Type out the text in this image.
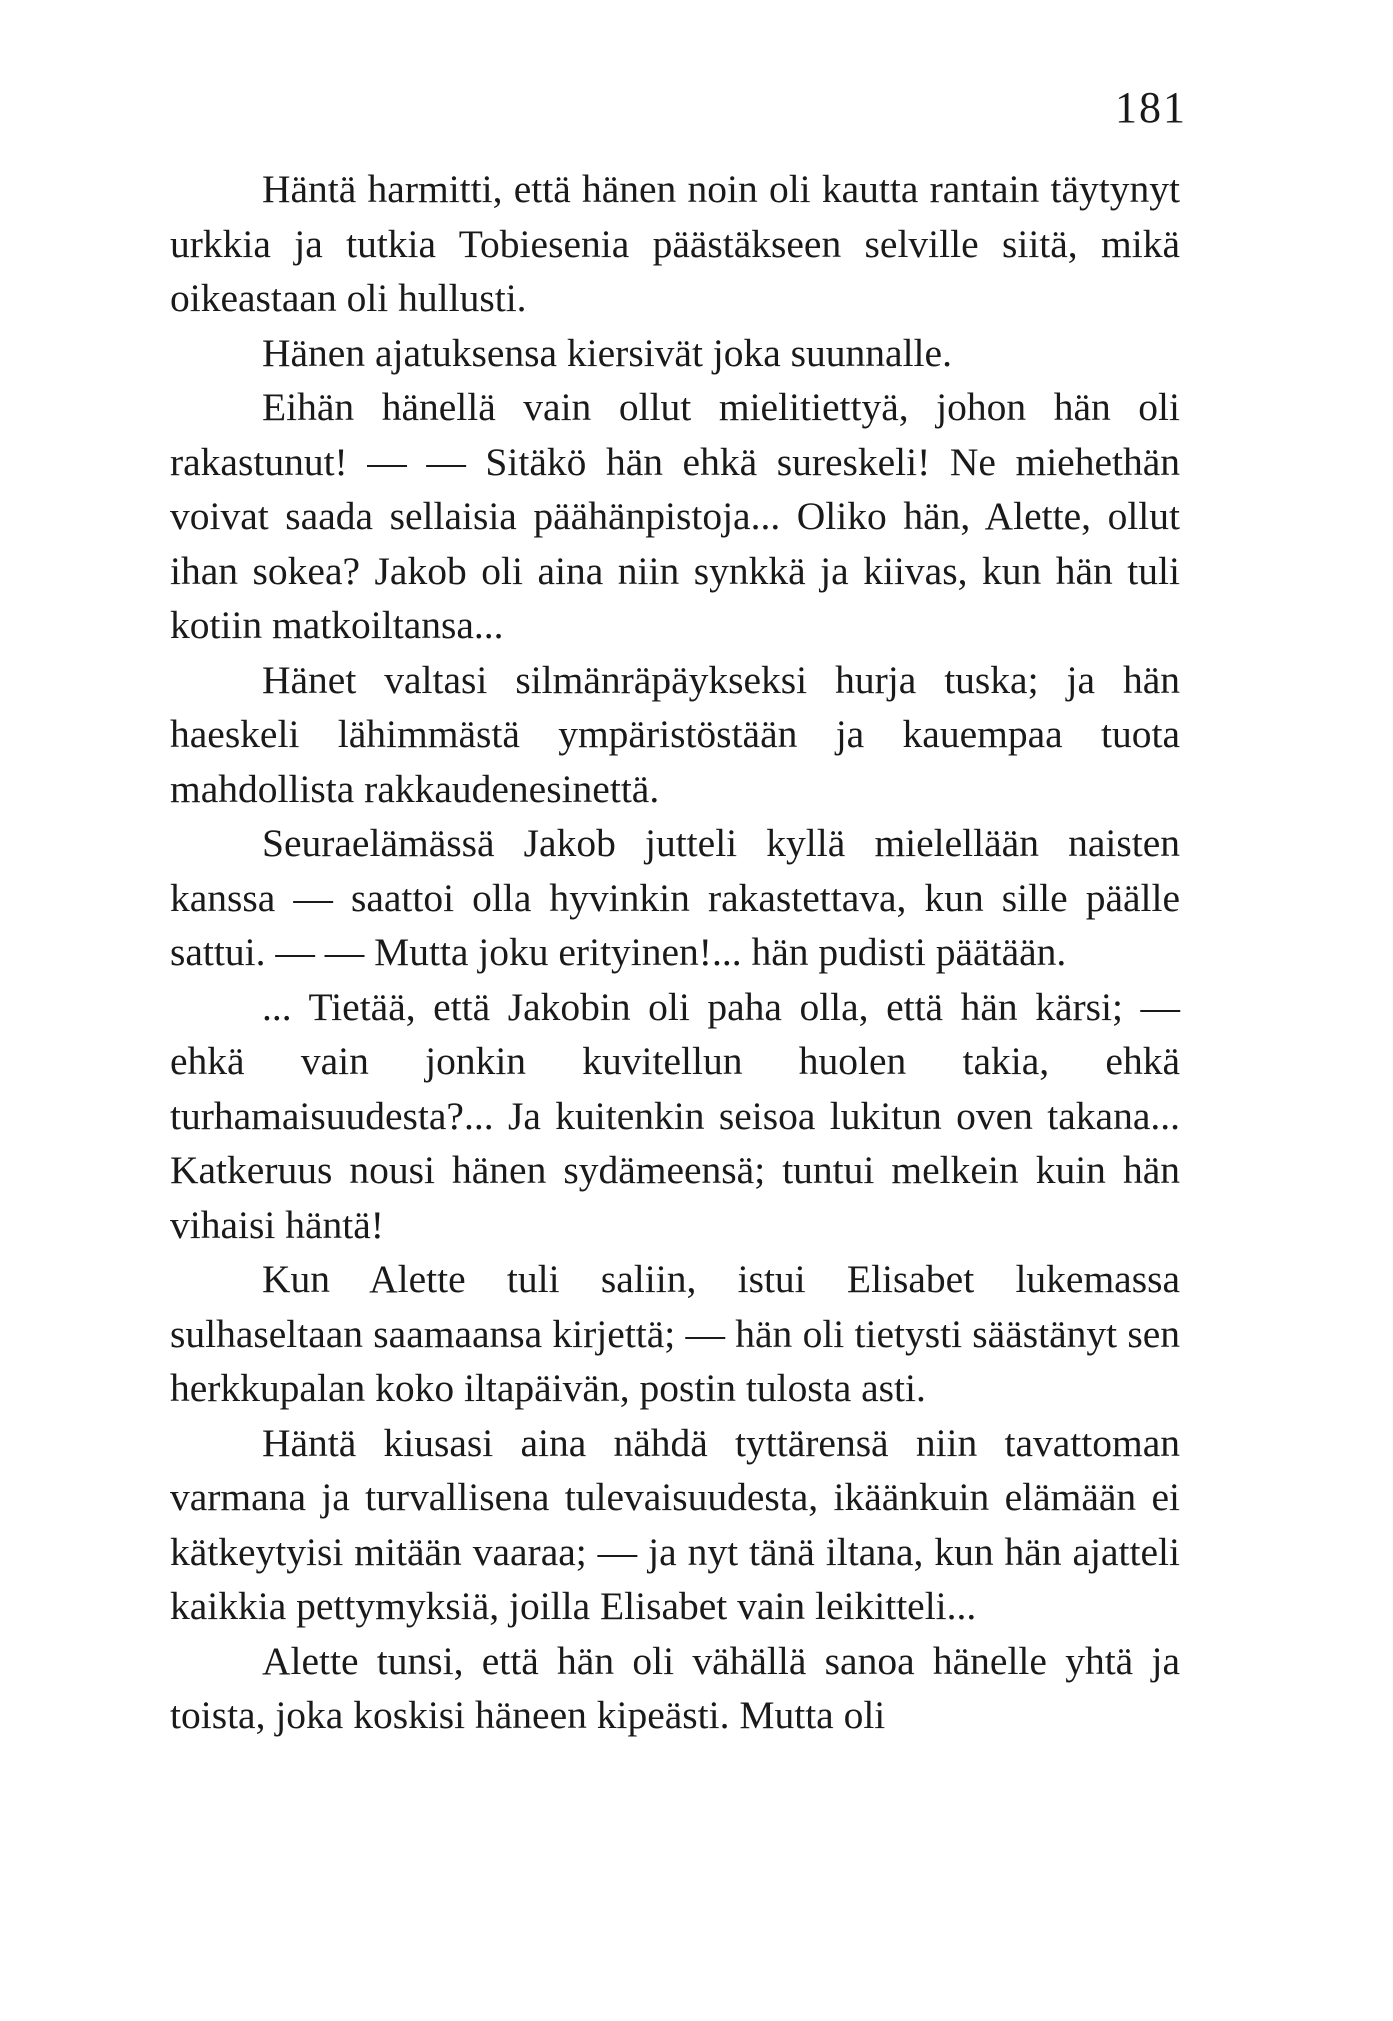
181

Häntä harmitti, että hänen noin oli kautta rantain täytynyt urkkia ja tutkia Tobiesenia päästäkseen selville siitä, mikä oikeastaan oli hullusti.

Hänen ajatuksensa kiersivät joka suunnalle.

Eihän hänellä vain ollut mielitiettyä, johon hän oli rakastunut! — — Sitäkö hän ehkä sureskeli! Ne miehethän voivat saada sellaisia päähänpistoja... Oliko hän, Alette, ollut ihan sokea? Jakob oli aina niin synkkä ja kiivas, kun hän tuli kotiin matkoiltansa...

Hänet valtasi silmänräpäykseksi hurja tuska; ja hän haeskeli lähimmästä ympäristöstään ja kauempaa tuota mahdollista rakkaudenesinettä.

Seuraelämässä Jakob jutteli kyllä mielellään naisten kanssa — saattoi olla hyvinkin rakastettava, kun sille päälle sattui. — — Mutta joku erityinen!... hän pudisti päätään.

... Tietää, että Jakobin oli paha olla, että hän kärsi; — ehkä vain jonkin kuvitellun huolen takia, ehkä turhamaisuudesta?... Ja kuitenkin seisoa lukitun oven takana... Katkeruus nousi hänen sydämeensä; tuntui melkein kuin hän vihaisi häntä!

Kun Alette tuli saliin, istui Elisabet lukemassa sulhaseltaan saamaansa kirjettä; — hän oli tietysti säästänyt sen herkkupalan koko iltapäivän, postin tulosta asti.

Häntä kiusasi aina nähdä tyttärensä niin tavattoman varmana ja turvallisena tulevaisuudesta, ikäänkuin elämään ei kätkeytyisi mitään vaaraa; — ja nyt tänä iltana, kun hän ajatteli kaikkia pettymyksiä, joilla Elisabet vain leikitteli...

Alette tunsi, että hän oli vähällä sanoa hänelle yhtä ja toista, joka koskisi häneen kipeästi. Mutta oli
